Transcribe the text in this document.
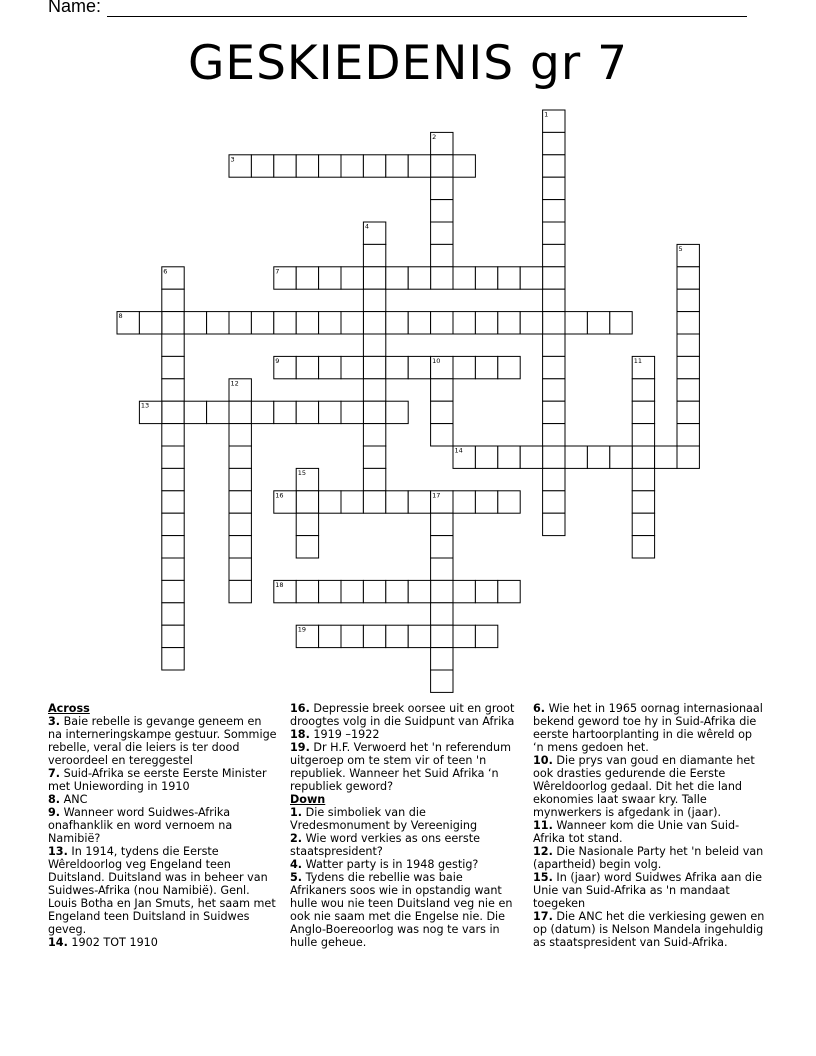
Name:
GESKIEDENIS gr 7
1
2
3
4
5
6	7
8
9	10	11
12
13
14
15
16	17
18
19
Across
3. Baie rebelle is gevange geneem en na interneringskampe gestuur. Sommige rebelle, veral die leiers is ter dood veroordeel en tereggestel
7. Suid-Afrika se eerste Eerste Minister met Uniewording in 1910
8. ANC
9. Wanneer word Suidwes-Afrika onafhanklik en word vernoem na Namibië?
13. In 1914, tydens die Eerste Wêreldoorlog veg Engeland teen Duitsland. Duitsland was in beheer van Suidwes-Afrika (nou Namibië). Genl. Louis Botha en Jan Smuts, het saam met Engeland teen Duitsland in Suidwes geveg.
14. 1902 TOT 1910
16. Depressie breek oorsee uit en groot droogtes volg in die Suidpunt van Afrika
18. 1919 –1922
19. Dr H.F. Verwoerd het 'n referendum uitgeroep om te stem vir of teen 'n republiek. Wanneer het Suid Afrika ‘n republiek geword?
Down
1. Die simboliek van die Vredesmonument by Vereeniging
2. Wie word verkies as ons eerste staatspresident?
4. Watter party is in 1948 gestig?
5. Tydens die rebellie was baie Afrikaners soos wie in opstandig want hulle wou nie teen Duitsland veg nie en ook nie saam met die Engelse nie. Die Anglo-Boereoorlog was nog te vars in hulle geheue.
6. Wie het in 1965 oornag internasionaal bekend geword toe hy in Suid-Afrika die eerste hartoorplanting in die wêreld op ‘n mens gedoen het.
10. Die prys van goud en diamante het ook drasties gedurende die Eerste Wêreldoorlog gedaal. Dit het die land ekonomies laat swaar kry. Talle mynwerkers is afgedank in (jaar).
11. Wanneer kom die Unie van Suid-Afrika tot stand.
12. Die Nasionale Party het 'n beleid van (apartheid) begin volg.
15. In (jaar) word Suidwes Afrika aan die Unie van Suid-Afrika as 'n mandaat toegeken
17. Die ANC het die verkiesing gewen en op (datum) is Nelson Mandela ingehuldig as staatspresident van Suid-Afrika.
